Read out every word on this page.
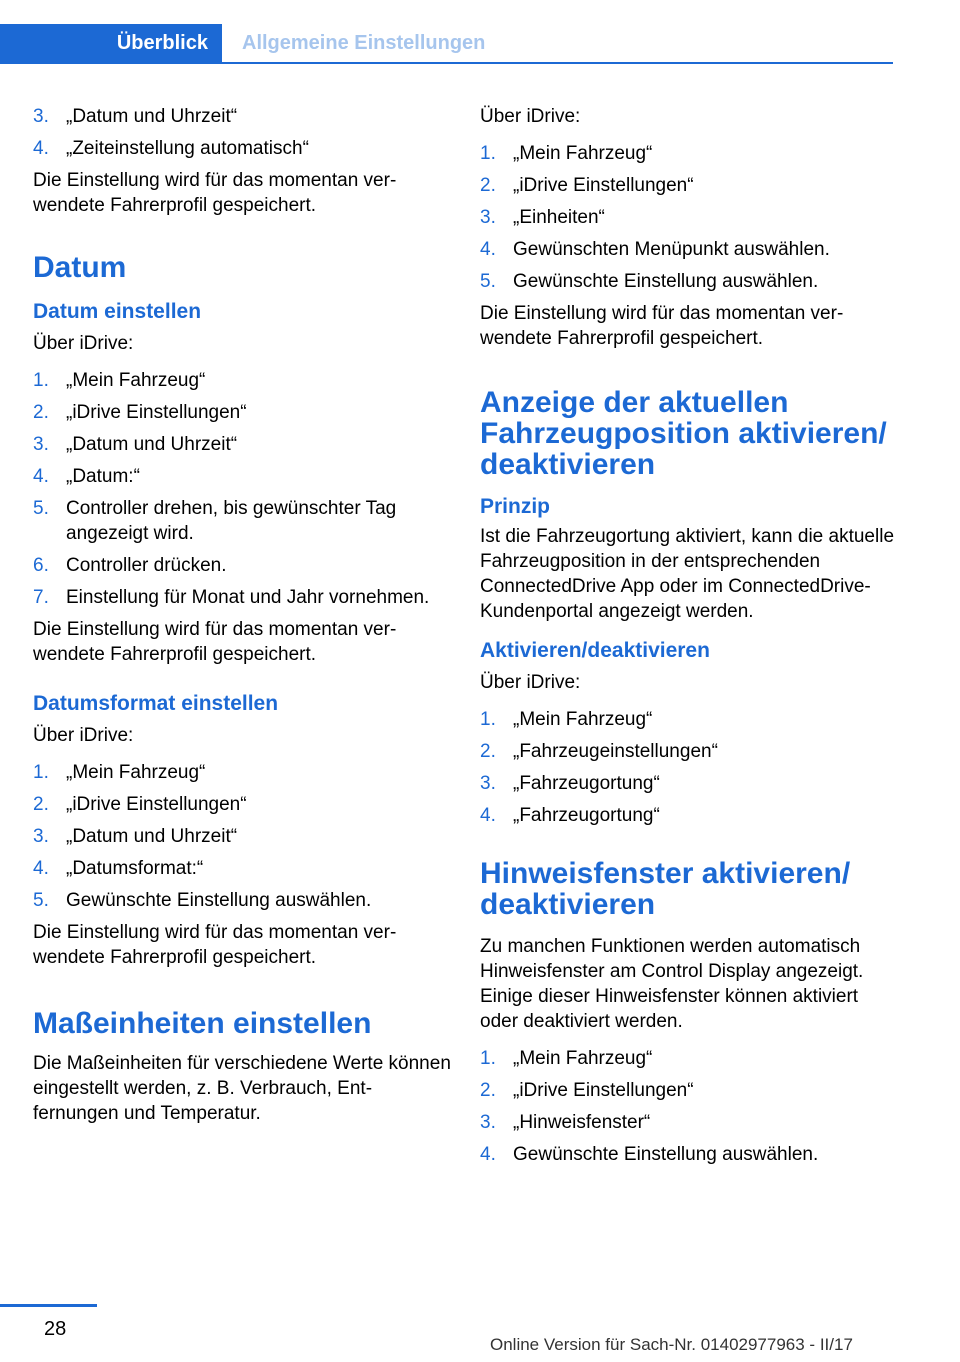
Überblick	Allgemeine Einstellungen
3. „Datum und Uhrzeit“
4. „Zeiteinstellung automatisch“

Die Einstellung wird für das momentan verwendete Fahrerprofil gespeichert.

Datum
Datum einstellen

Über iDrive:

1. „Mein Fahrzeug“
2. „iDrive Einstellungen“
3. „Datum und Uhrzeit“
4. „Datum:“
5. Controller drehen, bis gewünschter Tag angezeigt wird.
6. Controller drücken.
7. Einstellung für Monat und Jahr vornehmen.

Die Einstellung wird für das momentan verwendete Fahrerprofil gespeichert.

Datumsformat einstellen

Über iDrive:

1. „Mein Fahrzeug“
2. „iDrive Einstellungen“
3. „Datum und Uhrzeit“
4. „Datumsformat:“
5. Gewünschte Einstellung auswählen.

Die Einstellung wird für das momentan verwendete Fahrerprofil gespeichert.

Maßeinheiten einstellen

Die Maßeinheiten für verschiedene Werte können eingestellt werden, z. B. Verbrauch, Entfernungen und Temperatur.

Über iDrive:

1. „Mein Fahrzeug“
2. „iDrive Einstellungen“
3. „Einheiten“
4. Gewünschten Menüpunkt auswählen.
5. Gewünschte Einstellung auswählen.

Die Einstellung wird für das momentan verwendete Fahrerprofil gespeichert.

Anzeige der aktuellen Fahrzeugposition aktivieren/ deaktivieren
Prinzip

Ist die Fahrzeugortung aktiviert, kann die aktuelle Fahrzeugposition in der entsprechenden ConnectedDrive App oder im ConnectedDrive-Kundenportal angezeigt werden.

Aktivieren/deaktivieren

Über iDrive:

1. „Mein Fahrzeug“
2. „Fahrzeugeinstellungen“
3. „Fahrzeugortung“
4. „Fahrzeugortung“
Hinweisfenster aktivieren/ deaktivieren

Zu manchen Funktionen werden automatisch Hinweisfenster am Control Display angezeigt. Einige dieser Hinweisfenster können aktiviert oder deaktiviert werden.

1. „Mein Fahrzeug“
2. „iDrive Einstellungen“
3. „Hinweisfenster“
4. Gewünschte Einstellung auswählen.
28
Online Version für Sach-Nr. 01402977963 - II/17
